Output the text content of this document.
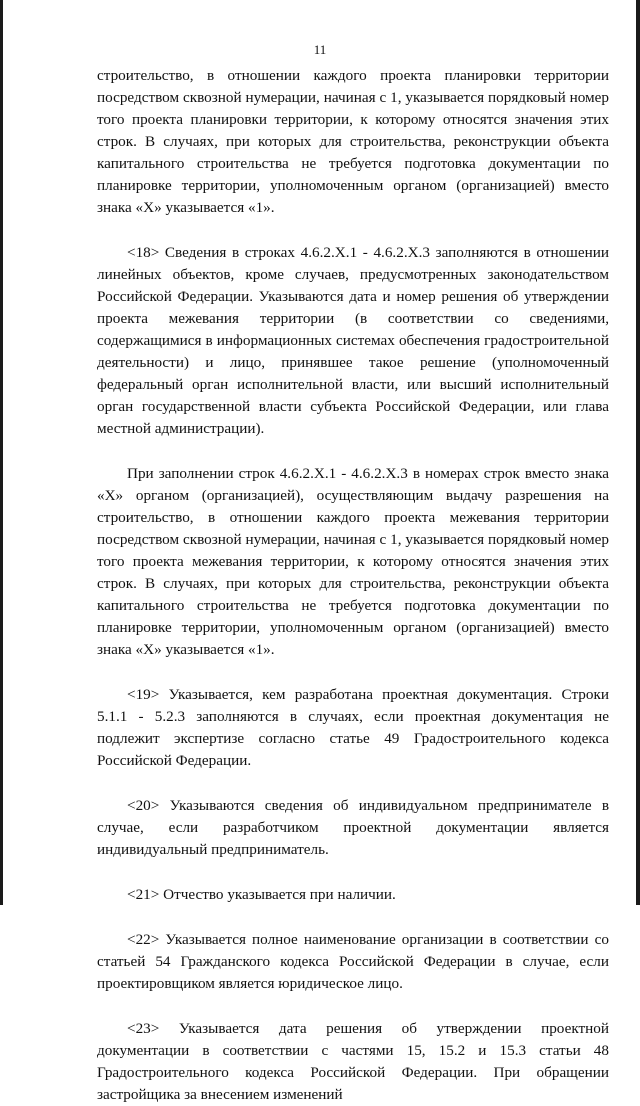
11

строительство, в отношении каждого проекта планировки территории посредством сквозной нумерации, начиная с 1, указывается порядковый номер того проекта планировки территории, к которому относятся значения этих строк. В случаях, при которых для строительства, реконструкции объекта капитального строительства не требуется подготовка документации по планировке территории, уполномоченным органом (организацией) вместо знака «Х» указывается «1».

<18> Сведения в строках 4.6.2.Х.1 - 4.6.2.Х.3 заполняются в отношении линейных объектов, кроме случаев, предусмотренных законодательством Российской Федерации. Указываются дата и номер решения об утверждении проекта межевания территории (в соответствии со сведениями, содержащимися в информационных системах обеспечения градостроительной деятельности) и лицо, принявшее такое решение (уполномоченный федеральный орган исполнительной власти, или высший исполнительный орган государственной власти субъекта Российской Федерации, или глава местной администрации).

При заполнении строк 4.6.2.Х.1 - 4.6.2.Х.3 в номерах строк вместо знака «Х» органом (организацией), осуществляющим выдачу разрешения на строительство, в отношении каждого проекта межевания территории посредством сквозной нумерации, начиная с 1, указывается порядковый номер того проекта межевания территории, к которому относятся значения этих строк. В случаях, при которых для строительства, реконструкции объекта капитального строительства не требуется подготовка документации по планировке территории, уполномоченным органом (организацией) вместо знака «Х» указывается «1».

<19> Указывается, кем разработана проектная документация. Строки 5.1.1 - 5.2.3 заполняются в случаях, если проектная документация не подлежит экспертизе согласно статье 49 Градостроительного кодекса Российской Федерации.

<20> Указываются сведения об индивидуальном предпринимателе в случае, если разработчиком проектной документации является индивидуальный предприниматель.

<21> Отчество указывается при наличии.

<22> Указывается полное наименование организации в соответствии со статьей 54 Гражданского кодекса Российской Федерации в случае, если проектировщиком является юридическое лицо.

<23> Указывается дата решения об утверждении проектной документации в соответствии с частями 15, 15.2 и 15.3 статьи 48 Градостроительного кодекса Российской Федерации. При обращении застройщика за внесением изменений
